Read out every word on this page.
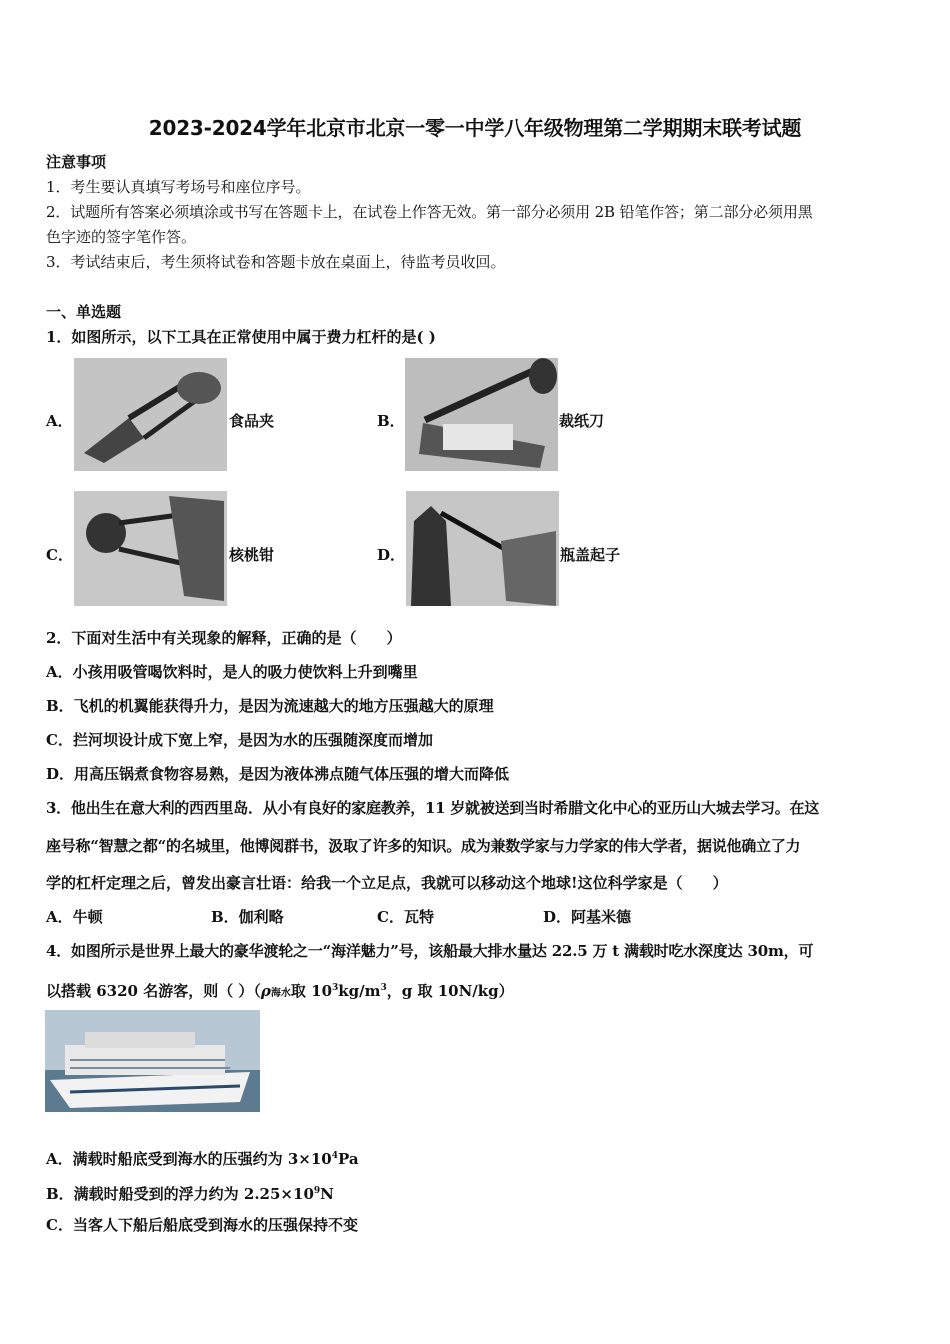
2023-2024学年北京市北京一零一中学八年级物理第二学期期末联考试题
注意事项
1．考生要认真填写考场号和座位序号。
2．试题所有答案必须填涂或书写在答题卡上，在试卷上作答无效。第一部分必须用 2B 铅笔作答；第二部分必须用黑
色字迹的签字笔作答。
3．考试结束后，考生须将试卷和答题卡放在桌面上，待监考员收回。
一、单选题
1．如图所示，以下工具在正常使用中属于费力杠杆的是( )
A．	食品夹	B．	裁纸刀
C．	核桃钳	D．	瓶盖起子
2．下面对生活中有关现象的解释，正确的是（　　）
A．小孩用吸管喝饮料时，是人的吸力使饮料上升到嘴里
B．飞机的机翼能获得升力，是因为流速越大的地方压强越大的原理
C．拦河坝设计成下宽上窄，是因为水的压强随深度而增加
D．用高压锅煮食物容易熟，是因为液体沸点随气体压强的增大而降低
3．他出生在意大利的西西里岛．从小有良好的家庭教养，11 岁就被送到当时希腊文化中心的亚历山大城去学习。在这
座号称“智慧之都“的名城里，他博阅群书，汲取了许多的知识。成为兼数学家与力学家的伟大学者，据说他确立了力
学的杠杆定理之后，曾发出豪言壮语：给我一个立足点，我就可以移动这个地球!这位科学家是（　　）
A．牛顿	B．伽利略	C．瓦特	D．阿基米德
4．如图所示是世界上最大的豪华渡轮之一“海洋魅力”号，该船最大排水量达 22.5 万 t 满载时吃水深度达 30m，可
以搭载 6320 名游客，则（ ）（ρ海水取 $10^3kg/m^3$，g 取 10N/kg）
A．满载时船底受到海水的压强约为 $3\times 10^4Pa$
B．满载时船受到的浮力约为 $2.25\times 10^9N$
C．当客人下船后船底受到海水的压强保持不变
